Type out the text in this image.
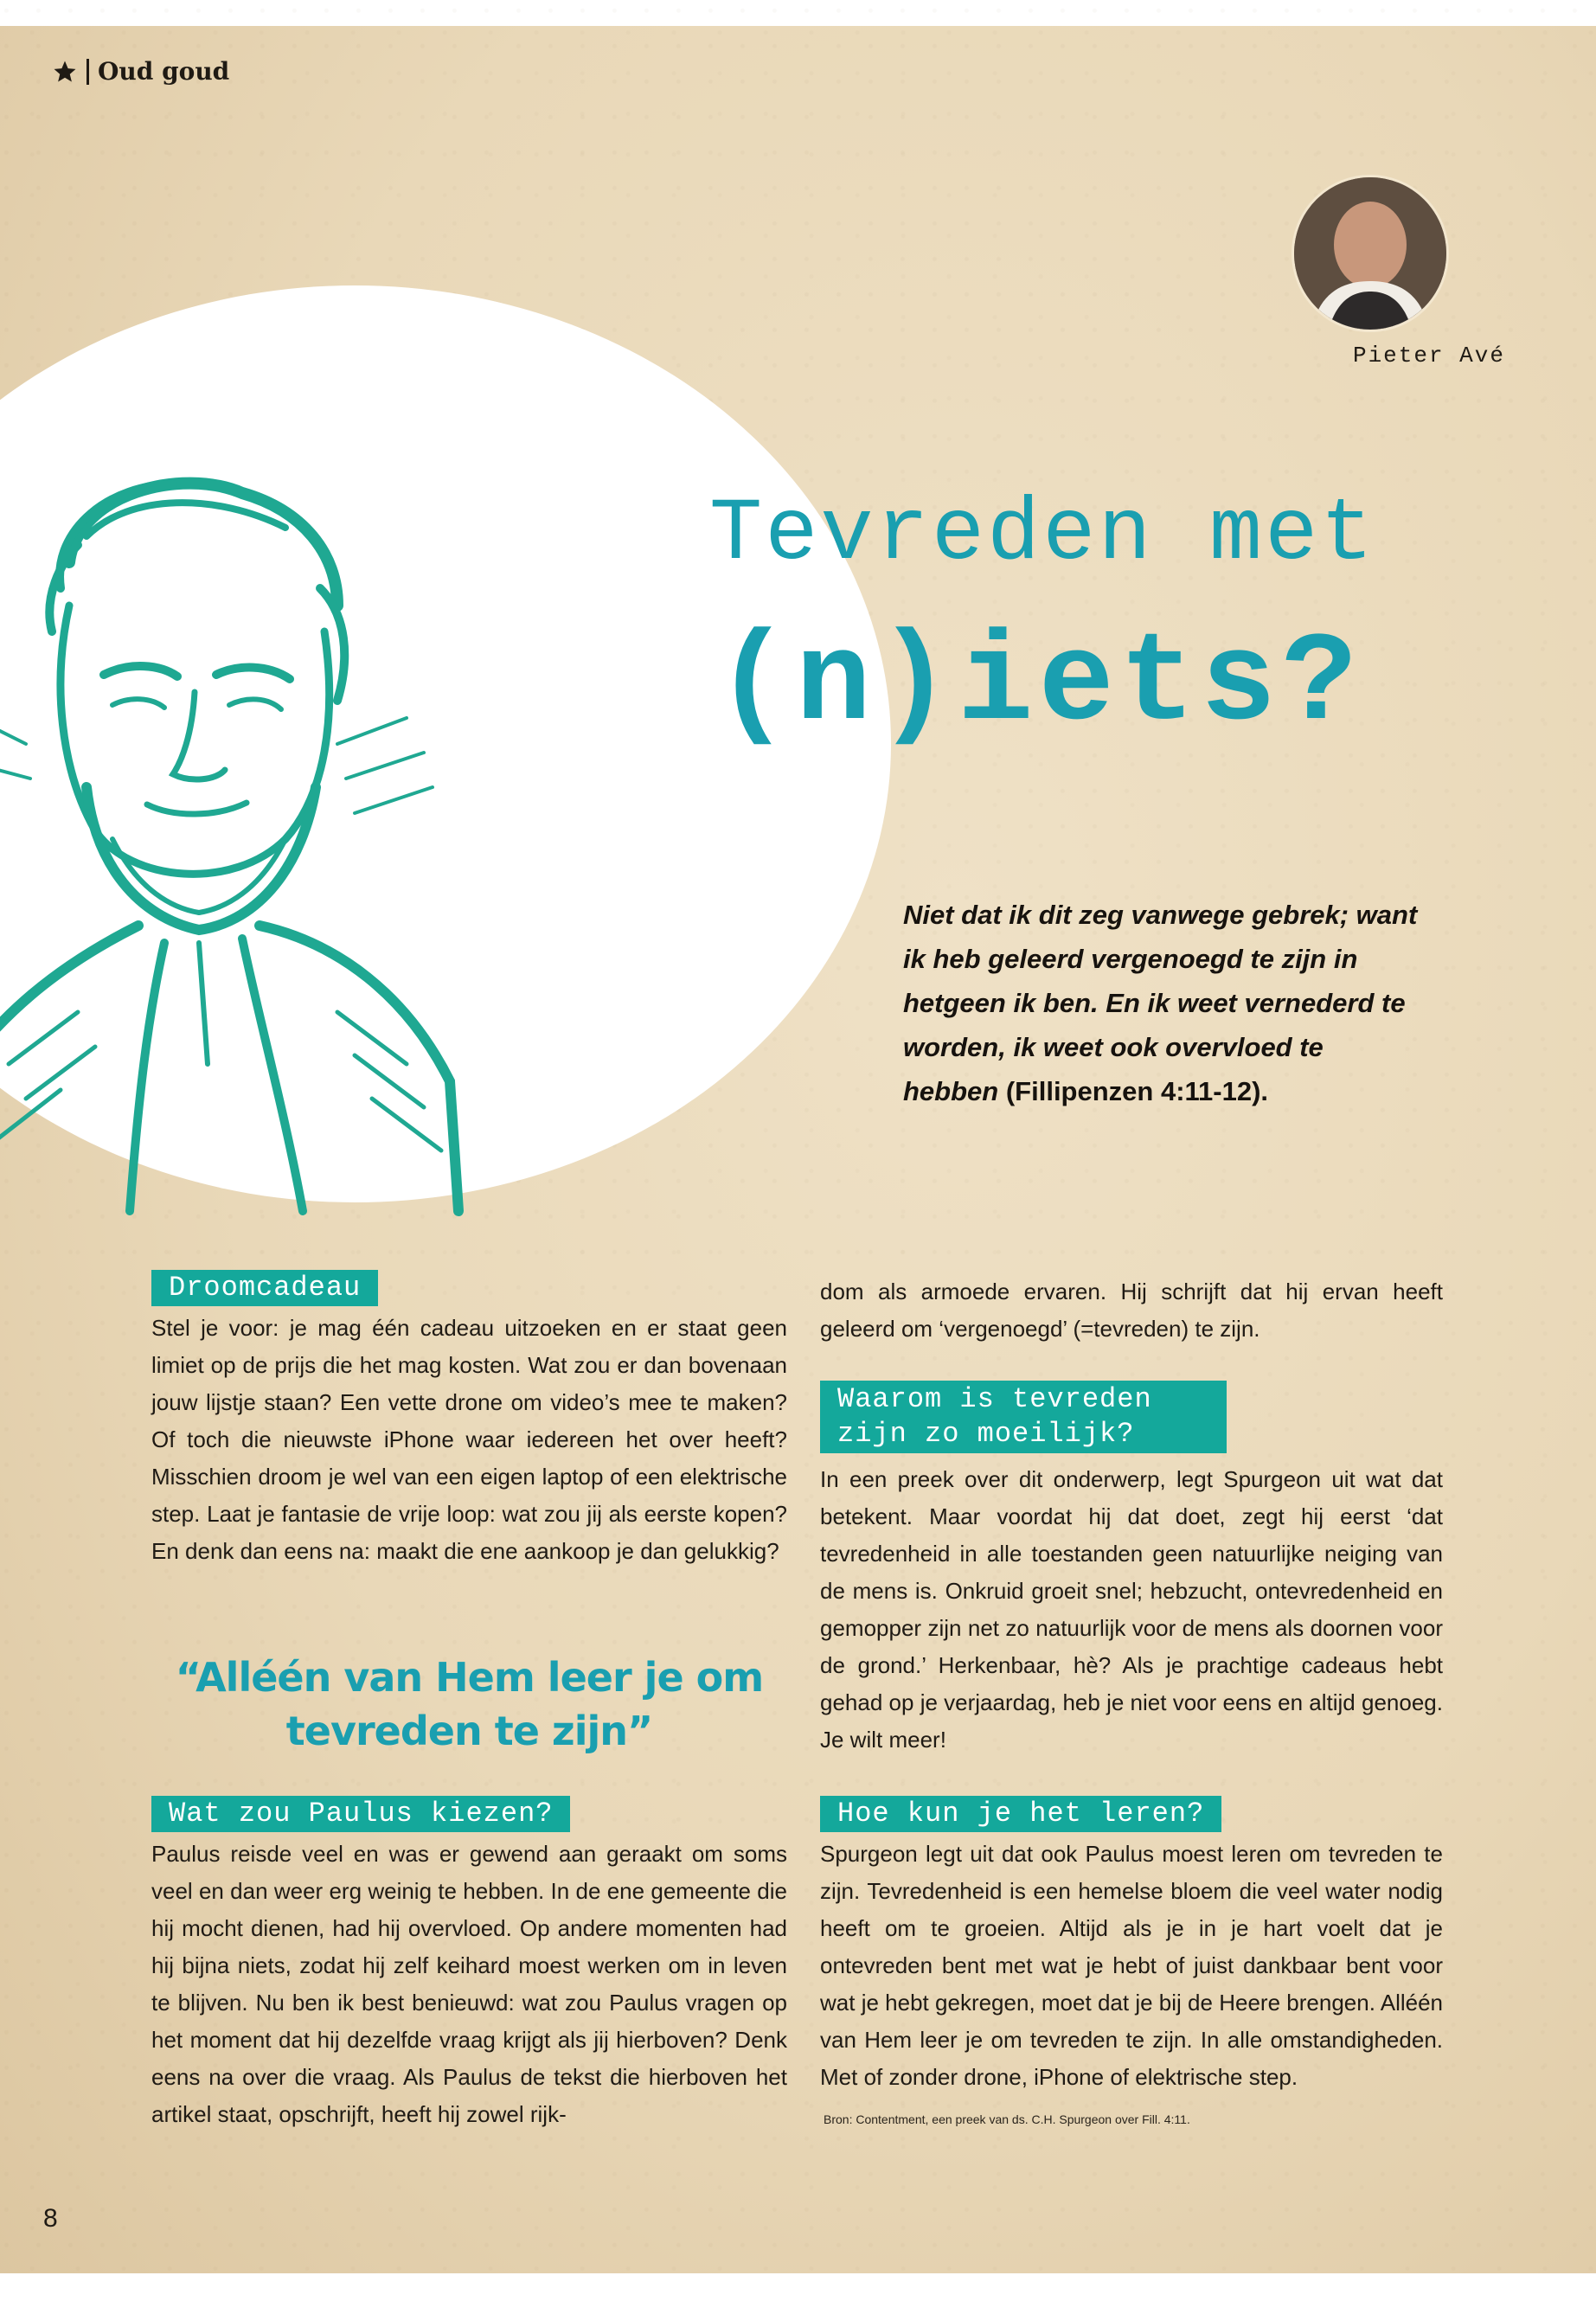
Oud goud
Pieter Avé
Tevreden met
(n)iets?
Niet dat ik dit zeg vanwege gebrek; want ik heb geleerd vergenoegd te zijn in hetgeen ik ben. En ik weet vernederd te worden, ik weet ook overvloed te hebben (Fillipenzen 4:11-12).
Droomcadeau
Stel je voor: je mag één cadeau uitzoeken en er staat geen limiet op de prijs die het mag kosten. Wat zou er dan bovenaan jouw lijstje staan? Een vette drone om video’s mee te maken? Of toch die nieuwste iPhone waar iedereen het over heeft? Misschien droom je wel van een eigen laptop of een elektrische step. Laat je fantasie de vrije loop: wat zou jij als eerste kopen? En denk dan eens na: maakt die ene aankoop je dan gelukkig?
“Alléén van Hem leer je om tevreden te zijn”
Wat zou Paulus kiezen?
Paulus reisde veel en was er gewend aan geraakt om soms veel en dan weer erg weinig te hebben. In de ene gemeente die hij mocht dienen, had hij overvloed. Op andere momenten had hij bijna niets, zodat hij zelf keihard moest werken om in leven te blijven. Nu ben ik best benieuwd: wat zou Paulus vragen op het moment dat hij dezelfde vraag krijgt als jij hierboven? Denk eens na over die vraag. Als Paulus de tekst die hierboven het artikel staat, opschrijft, heeft hij zowel rijk-
dom als armoede ervaren. Hij schrijft dat hij ervan heeft geleerd om ‘vergenoegd’ (=tevreden) te zijn.
Waarom is tevreden zijn zo moeilijk?
In een preek over dit onderwerp, legt Spurgeon uit wat dat betekent. Maar voordat hij dat doet, zegt hij eerst ‘dat tevredenheid in alle toestanden geen natuurlijke neiging van de mens is. Onkruid groeit snel; hebzucht, ontevredenheid en gemopper zijn net zo natuurlijk voor de mens als doornen voor de grond.’ Herkenbaar, hè? Als je prachtige cadeaus hebt gehad op je verjaardag, heb je niet voor eens en altijd genoeg. Je wilt meer!
Hoe kun je het leren?
Spurgeon legt uit dat ook Paulus moest leren om tevreden te zijn. Tevredenheid is een hemelse bloem die veel water nodig heeft om te groeien. Altijd als je in je hart voelt dat je ontevreden bent met wat je hebt of juist dankbaar bent voor wat je hebt gekregen, moet dat je bij de Heere brengen. Alléén van Hem leer je om tevreden te zijn. In alle omstandigheden. Met of zonder drone, iPhone of elektrische step.
Bron: Contentment, een preek van ds. C.H. Spurgeon over Fill. 4:11.
8
